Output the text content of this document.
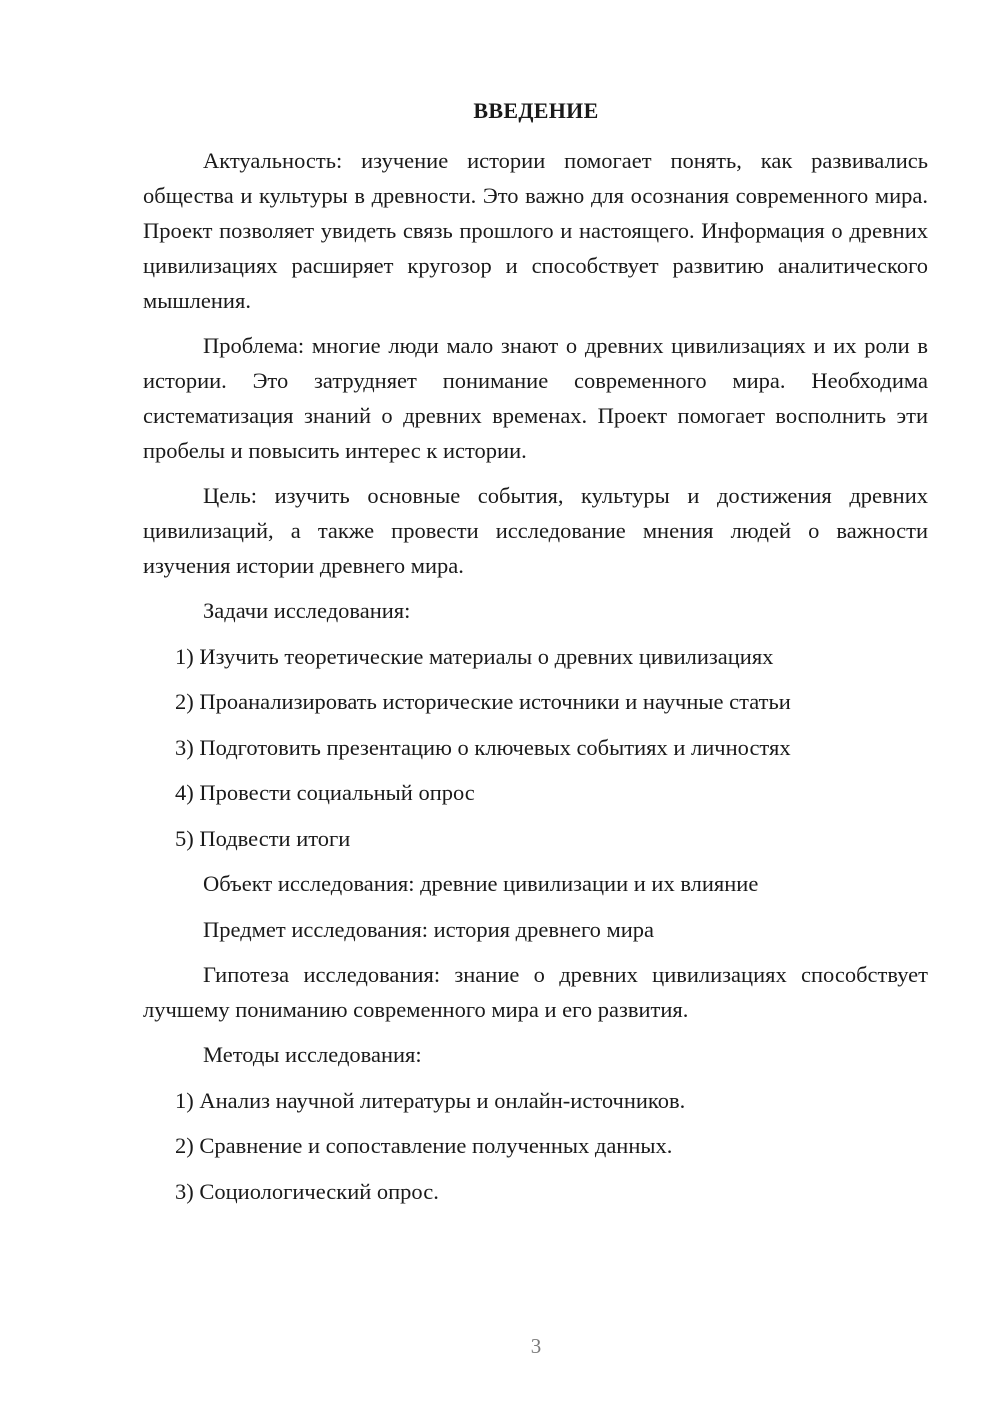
ВВЕДЕНИЕ

Актуальность: изучение истории помогает понять, как развивались общества и культуры в древности. Это важно для осознания современного мира. Проект позволяет увидеть связь прошлого и настоящего. Информация о древних цивилизациях расширяет кругозор и способствует развитию аналитического мышления.

Проблема: многие люди мало знают о древних цивилизациях и их роли в истории. Это затрудняет понимание современного мира. Необходима систематизация знаний о древних временах. Проект помогает восполнить эти пробелы и повысить интерес к истории.

Цель: изучить основные события, культуры и достижения древних цивилизаций, а также провести исследование мнения людей о важности изучения истории древнего мира.

Задачи исследования:

1) Изучить теоретические материалы о древних цивилизациях

2) Проанализировать исторические источники и научные статьи

3) Подготовить презентацию о ключевых событиях и личностях

4) Провести социальный опрос

5) Подвести итоги

Объект исследования: древние цивилизации и их влияние

Предмет исследования: история древнего мира

Гипотеза исследования: знание о древних цивилизациях способствует лучшему пониманию современного мира и его развития.

Методы исследования:

1) Анализ научной литературы и онлайн-источников.

2) Сравнение и сопоставление полученных данных.

3) Социологический опрос.

3
